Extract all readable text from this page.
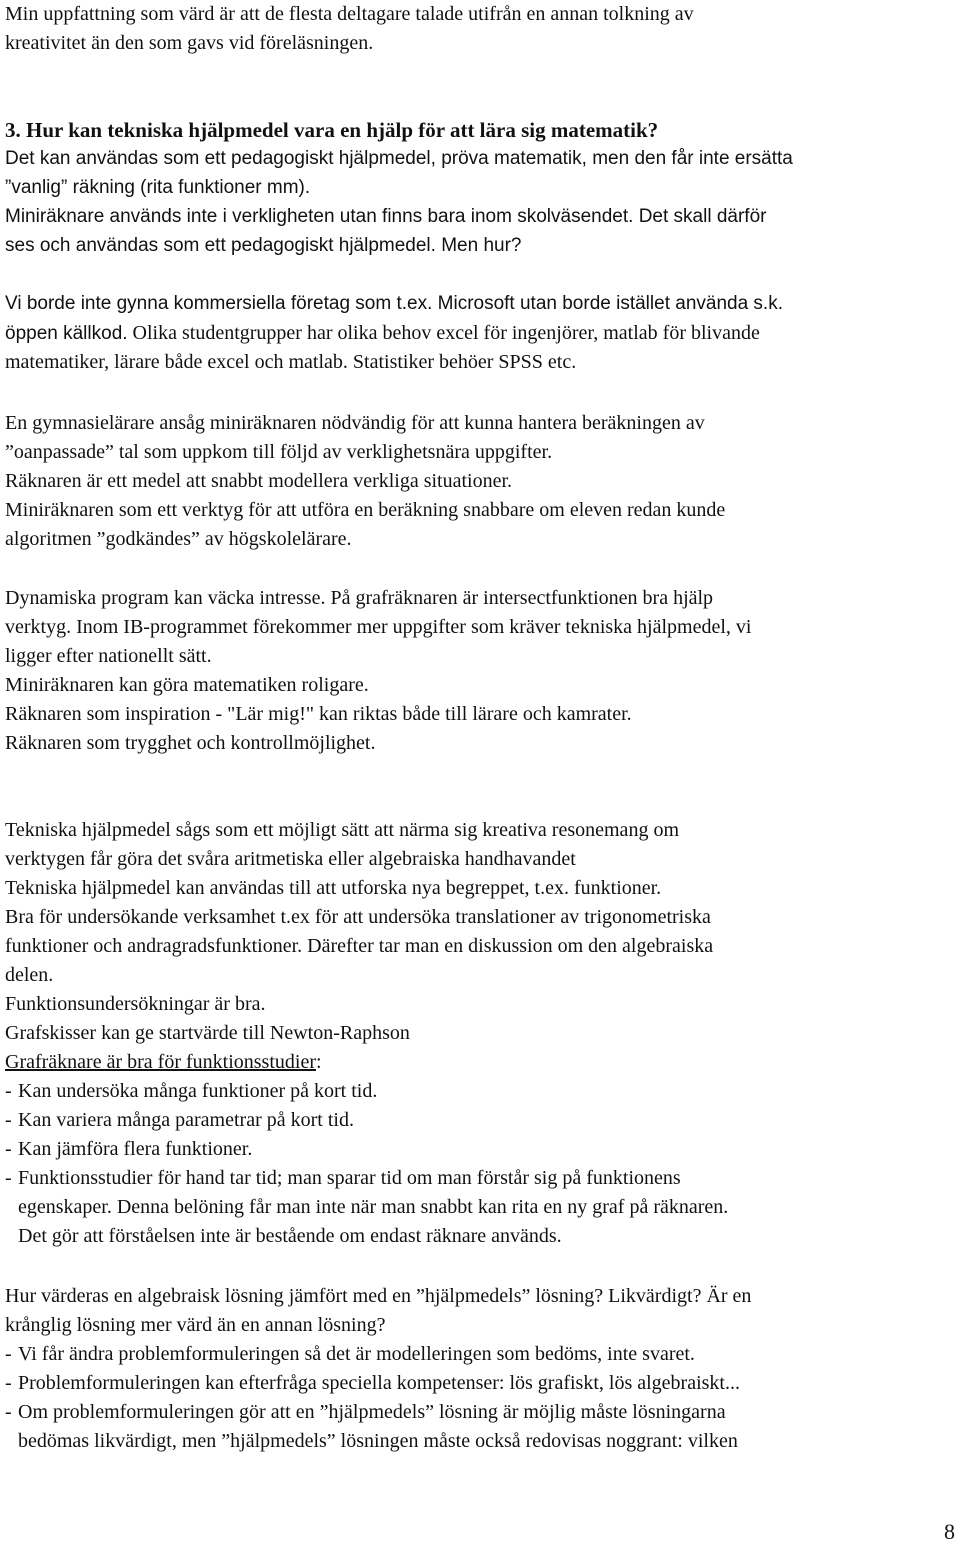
Min uppfattning som värd är att de flesta deltagare talade utifrån en annan tolkning av
kreativitet än den som gavs vid föreläsningen.
3. Hur kan tekniska hjälpmedel vara en hjälp för att lära sig matematik?
Det kan användas som ett pedagogiskt hjälpmedel, pröva matematik, men den får inte ersätta
”vanlig” räkning (rita funktioner mm).
Miniräknare används inte i verkligheten utan finns bara inom skolväsendet. Det skall därför
ses och användas som ett pedagogiskt hjälpmedel. Men hur?
Vi borde inte gynna kommersiella företag som t.ex. Microsoft utan borde istället använda s.k.
öppen källkod. Olika studentgrupper har olika behov excel för ingenjörer, matlab för blivande
matematiker, lärare både excel och matlab. Statistiker behöer SPSS etc.
En gymnasielärare ansåg miniräknaren nödvändig för att kunna hantera beräkningen av
”oanpassade” tal som uppkom till följd av verklighetsnära uppgifter.
Räknaren är ett medel att snabbt modellera verkliga situationer.
Miniräknaren som ett verktyg för att utföra en beräkning snabbare om eleven redan kunde
algoritmen ”godkändes” av högskolelärare.
Dynamiska program kan väcka intresse. På grafräknaren är intersectfunktionen bra hjälp
verktyg. Inom IB-programmet förekommer mer uppgifter som kräver tekniska hjälpmedel, vi
ligger efter nationellt sätt.
Miniräknaren kan göra matematiken roligare.
Räknaren som inspiration - "Lär mig!" kan riktas både till lärare och kamrater.
Räknaren som trygghet och kontrollmöjlighet.
Tekniska hjälpmedel sågs som ett möjligt sätt att närma sig kreativa resonemang om
verktygen får göra det svåra aritmetiska eller algebraiska handhavandet
Tekniska hjälpmedel kan användas till att utforska nya begreppet, t.ex. funktioner.
Bra för undersökande verksamhet t.ex för att undersöka translationer av trigonometriska
funktioner och andragradsfunktioner. Därefter tar man en diskussion om den algebraiska
delen.
Funktionsundersökningar är bra.
Grafskisser kan ge startvärde till Newton-Raphson
Grafräknare är bra för funktionsstudier:
- Kan undersöka många funktioner på kort tid.
- Kan variera många parametrar på kort tid.
- Kan jämföra flera funktioner.
- Funktionsstudier för hand tar tid; man sparar tid om man förstår sig på funktionens
egenskaper. Denna belöning får man inte när man snabbt kan rita en ny graf på räknaren.
Det gör att förståelsen inte är bestående om endast räknare används.
Hur värderas en algebraisk lösning jämfört med en ”hjälpmedels” lösning? Likvärdigt? Är en
krånglig lösning mer värd än en annan lösning?
- Vi får ändra problemformuleringen så det är modelleringen som bedöms, inte svaret.
- Problemformuleringen kan efterfråga speciella kompetenser: lös grafiskt, lös algebraiskt...
- Om problemformuleringen gör att en ”hjälpmedels” lösning är möjlig måste lösningarna
bedömas likvärdigt, men ”hjälpmedels” lösningen måste också redovisas noggrant: vilken
8
